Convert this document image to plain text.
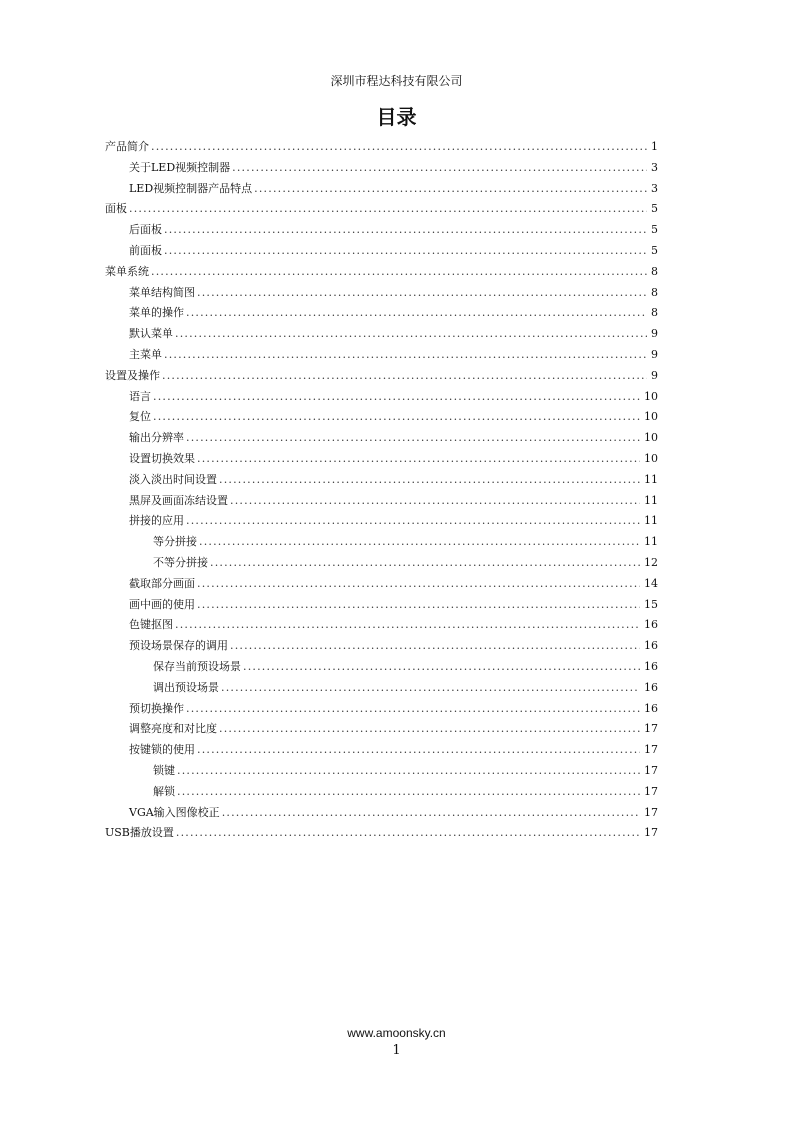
深圳市程达科技有限公司
目录
产品简介 .....	1
关于LED视频控制器 .....	3
LED视频控制器产品特点 .....	3
面板 .....	5
后面板 .....	5
前面板 .....	5
菜单系统 .....	8
菜单结构简图 .....	8
菜单的操作 .....	8
默认菜单 .....	9
主菜单 .....	9
设置及操作 .....	9
语言 .....	10
复位 .....	10
输出分辨率 .....	10
设置切换效果 .....	10
淡入淡出时间设置 .....	11
黑屏及画面冻结设置 .....	11
拼接的应用 .....	11
等分拼接 .....	11
不等分拼接 .....	12
截取部分画面 .....	14
画中画的使用 .....	15
色键抠图 .....	16
预设场景保存的调用 .....	16
保存当前预设场景 .....	16
调出预设场景 .....	16
预切换操作 .....	16
调整亮度和对比度 .....	17
按键锁的使用 .....	17
锁键 .....	17
解锁 .....	17
VGA输入图像校正 .....	17
USB播放设置 .....	17
www.amoonsky.cn
1
